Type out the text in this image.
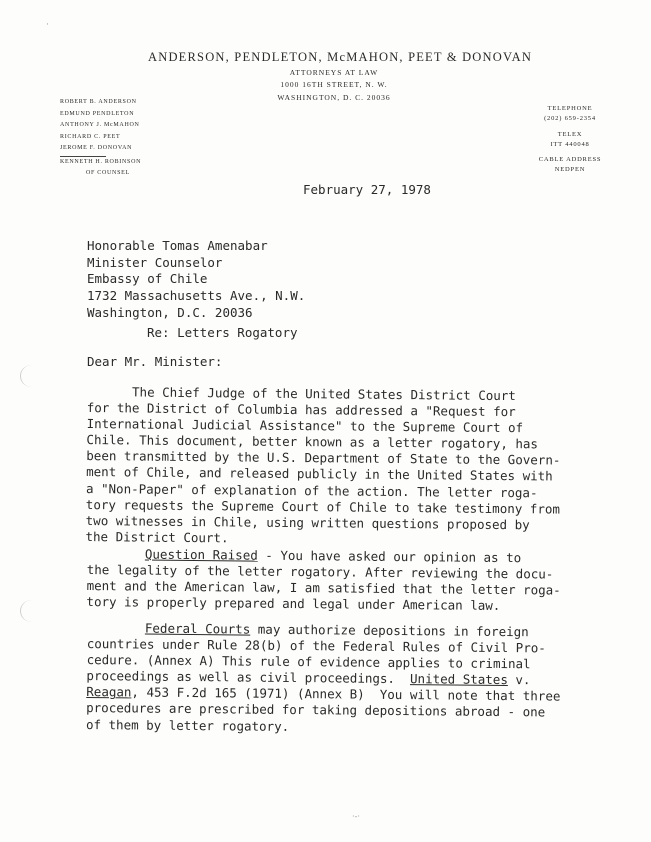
ANDERSON, PENDLETON, McMAHON, PEET & DONOVAN
ATTORNEYS AT LAW
1000 16TH STREET, N. W.
WASHINGTON, D. C. 20036
ROBERT B. ANDERSON
EDMUND PENDLETON
ANTHONY J. McMAHON
RICHARD C. PEET
JEROME F. DONOVAN
KENNETH H. ROBINSON
OF COUNSEL
TELEPHONE
(202) 659-2354
TELEX
ITT 440048
CABLE ADDRESS
NEDPEN
February 27, 1978
Honorable Tomas Amenabar
Minister Counselor
Embassy of Chile
1732 Massachusetts Ave., N.W.
Washington, D.C. 20036
Re: Letters Rogatory
Dear Mr. Minister:
The Chief Judge of the United States District Court
for the District of Columbia has addressed a "Request for
International Judicial Assistance" to the Supreme Court of
Chile. This document, better known as a letter rogatory, has
been transmitted by the U.S. Department of State to the Govern-
ment of Chile, and released publicly in the United States with
a "Non-Paper" of explanation of the action. The letter roga-
tory requests the Supreme Court of Chile to take testimony from
two witnesses in Chile, using written questions proposed by
the District Court.
Question Raised - You have asked our opinion as to
the legality of the letter rogatory. After reviewing the docu-
ment and the American law, I am satisfied that the letter roga-
tory is properly prepared and legal under American law.
Federal Courts may authorize depositions in foreign
countries under Rule 28(b) of the Federal Rules of Civil Pro-
cedure. (Annex A) This rule of evidence applies to criminal
proceedings as well as civil proceedings.  United States v.
Reagan, 453 F.2d 165 (1971) (Annex B)  You will note that three
procedures are prescribed for taking depositions abroad - one
of them by letter rogatory.
·-·
·
